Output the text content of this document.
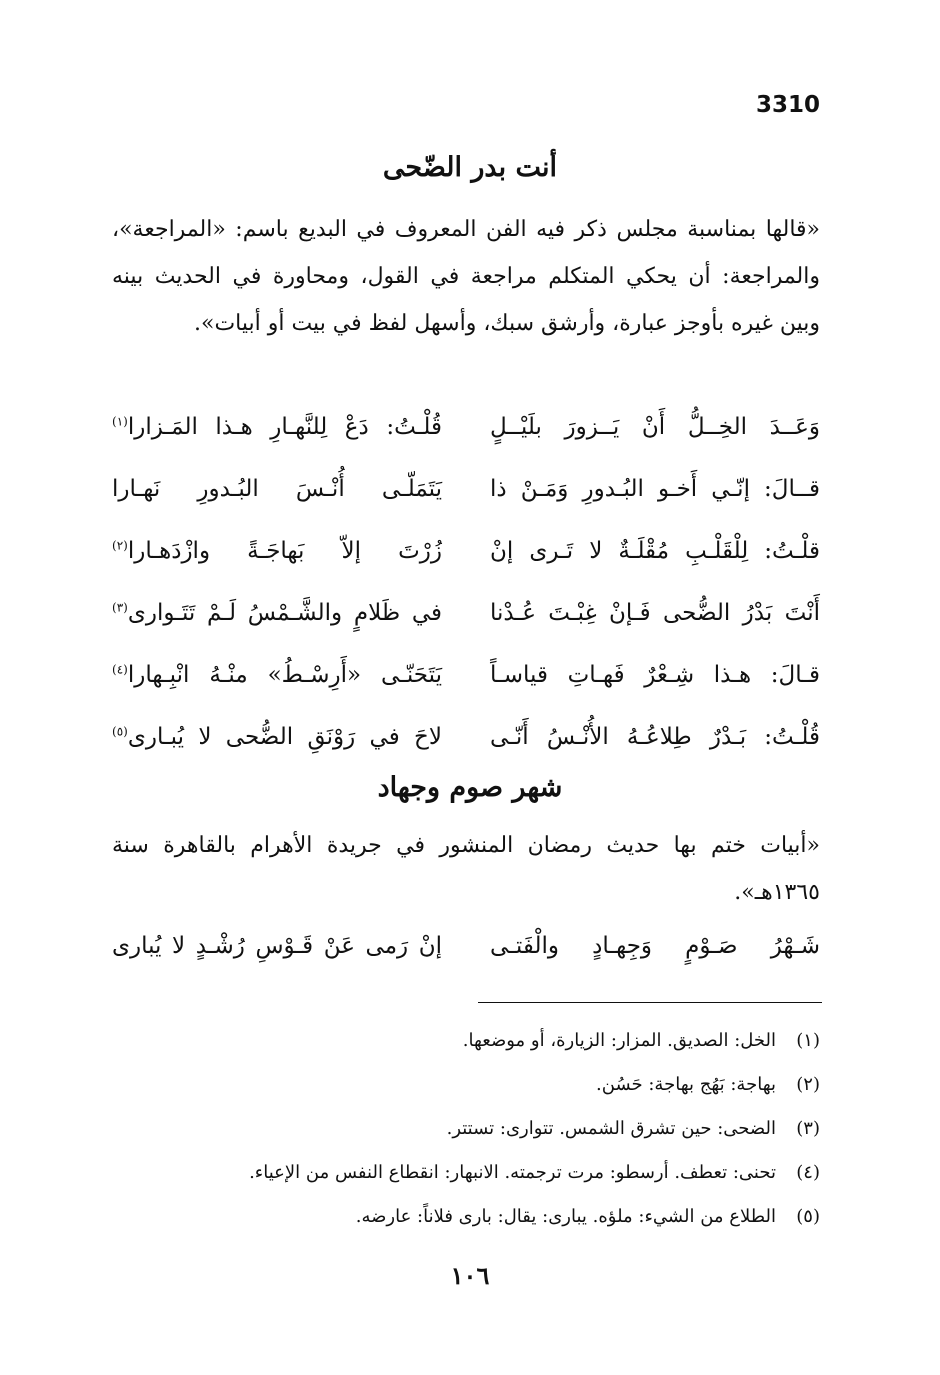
3310
أنت بدر الضّحى

«قالها بمناسبة مجلس ذكر فيه الفن المعروف في البديع باسم: «المراجعة»، والمراجعة: أن يحكي المتكلم مراجعة في القول، ومحاورة في الحديث بينه وبين غيره بأوجز عبارة، وأرشق سبك، وأسهل لفظ في بيت أو أبيات».

وَعَــدَ الخِــلُّ أَنْ يَــزورَ بلَيْــلٍ
قُلْـتُ: دَعْ لِلنَّهـارِ هـذا المَـزارا$^{(١)}$
قــالَ: إنّـي أَخـو البُـدورِ وَمَـنْ ذا
يَتَمَلّـى أُنْـسَ البُـدورِ نَهـارا
قلْـتُ: لِلْقَلْـبِ مُقْلَـةٌ لا تَـرى إنْ
زُرْتَ إلاّ بَهاجَـةً وازْدَهـارا$^{(٢)}$
أَنْتَ بَدْرُ الضُّحى فَـإنْ غِبْـتَ عُـدْنا
في ظَلامٍ والشَّـمْسُ لَـمْ تَتَـوارى$^{(٣)}$
قـالَ: هـذا شِـعْرٌ فَهـاتِ قياسـاً
يَتَحَنّـى «أَرِسْـطُ» منْـهُ انْبِـهارا$^{(٤)}$
قُلْـتُ: بَـدْرٌ طِلاعُـهُ الأُنْـسُ أَنّـى
لاحَ في رَوْنَقِ الضُّحى لا يُبـارى$^{(٥)}$
شهر صوم وجهاد

«أبيات ختم بها حديث رمضان المنشور في جريدة الأهرام بالقاهرة سنة ١٣٦٥هـ».

شَـهْرُ صَـوْمٍ وَجِهـادٍ والْفَتـى
إنْ رَمى عَنْ قَـوْسِ رُشْـدٍ لا يُبارى
(١)
الخل: الصديق. المزار: الزيارة، أو موضعها.
(٢)
بهاجة: بَهُج بهاجة: حَسُن.
(٣)
الضحى: حين تشرق الشمس. تتوارى: تستتر.
(٤)
تحنى: تعطف. أرسطو: مرت ترجمته. الانبهار: انقطاع النفس من الإعياء.
(٥)
الطلاع من الشيء: ملؤه. يبارى: يقال: بارى فلاناً: عارضه.
١٠٦
